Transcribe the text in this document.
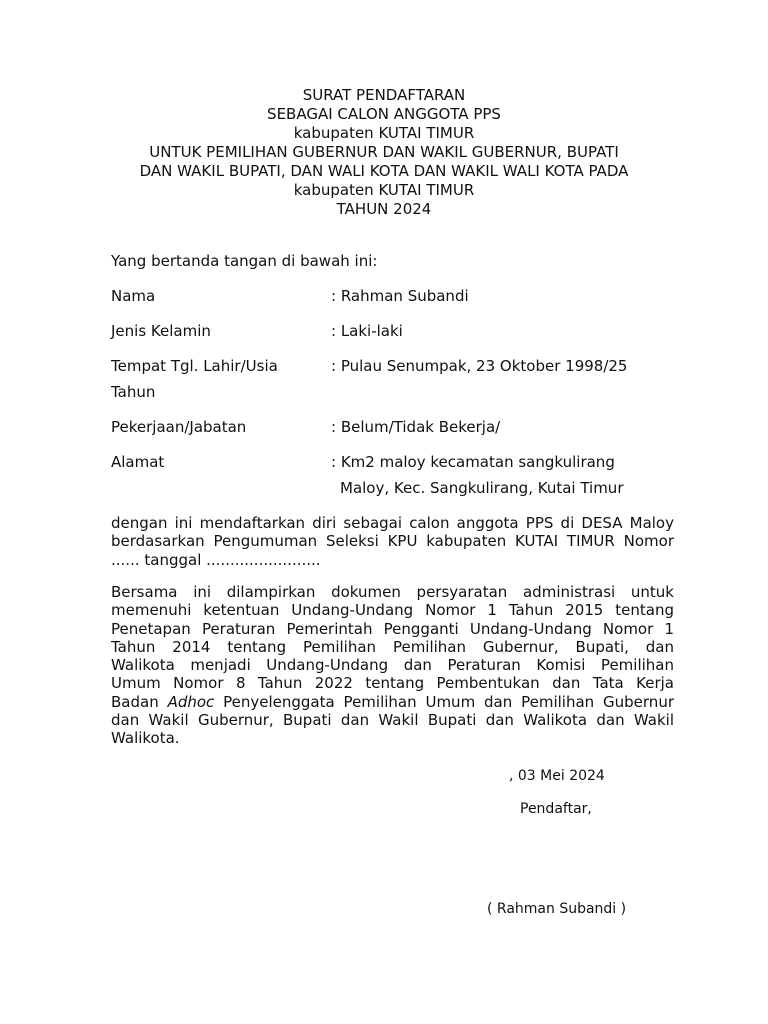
SURAT PENDAFTARAN
SEBAGAI CALON ANGGOTA PPS
kabupaten KUTAI TIMUR
UNTUK PEMILIHAN GUBERNUR DAN WAKIL GUBERNUR, BUPATI
DAN WAKIL BUPATI, DAN WALI KOTA DAN WAKIL WALI KOTA PADA
kabupaten KUTAI TIMUR
TAHUN 2024
Yang bertanda tangan di bawah ini:
Nama	: Rahman Subandi
Jenis Kelamin	: Laki-laki
Tempat Tgl. Lahir/Usia	: Pulau Senumpak, 23 Oktober 1998/25
Tahun
Pekerjaan/Jabatan	: Belum/Tidak Bekerja/
Alamat	: Km2 maloy kecamatan sangkulirang
Maloy, Kec. Sangkulirang, Kutai Timur
dengan ini mendaftarkan diri sebagai calon anggota PPS di DESA Maloy
berdasarkan Pengumuman Seleksi KPU kabupaten KUTAI TIMUR Nomor
...... tanggal ........................
Bersama ini dilampirkan dokumen persyaratan administrasi untuk
memenuhi ketentuan Undang-Undang Nomor 1 Tahun 2015 tentang
Penetapan Peraturan Pemerintah Pengganti Undang-Undang Nomor 1
Tahun 2014 tentang Pemilihan Pemilihan Gubernur, Bupati, dan
Walikota menjadi Undang-Undang dan Peraturan Komisi Pemilihan
Umum Nomor 8 Tahun 2022 tentang Pembentukan dan Tata Kerja
Badan Adhoc Penyelenggata Pemilihan Umum dan Pemilihan Gubernur
dan Wakil Gubernur, Bupati dan Wakil Bupati dan Walikota dan Wakil
Walikota.
, 03 Mei 2024
Pendaftar,
( Rahman Subandi )
